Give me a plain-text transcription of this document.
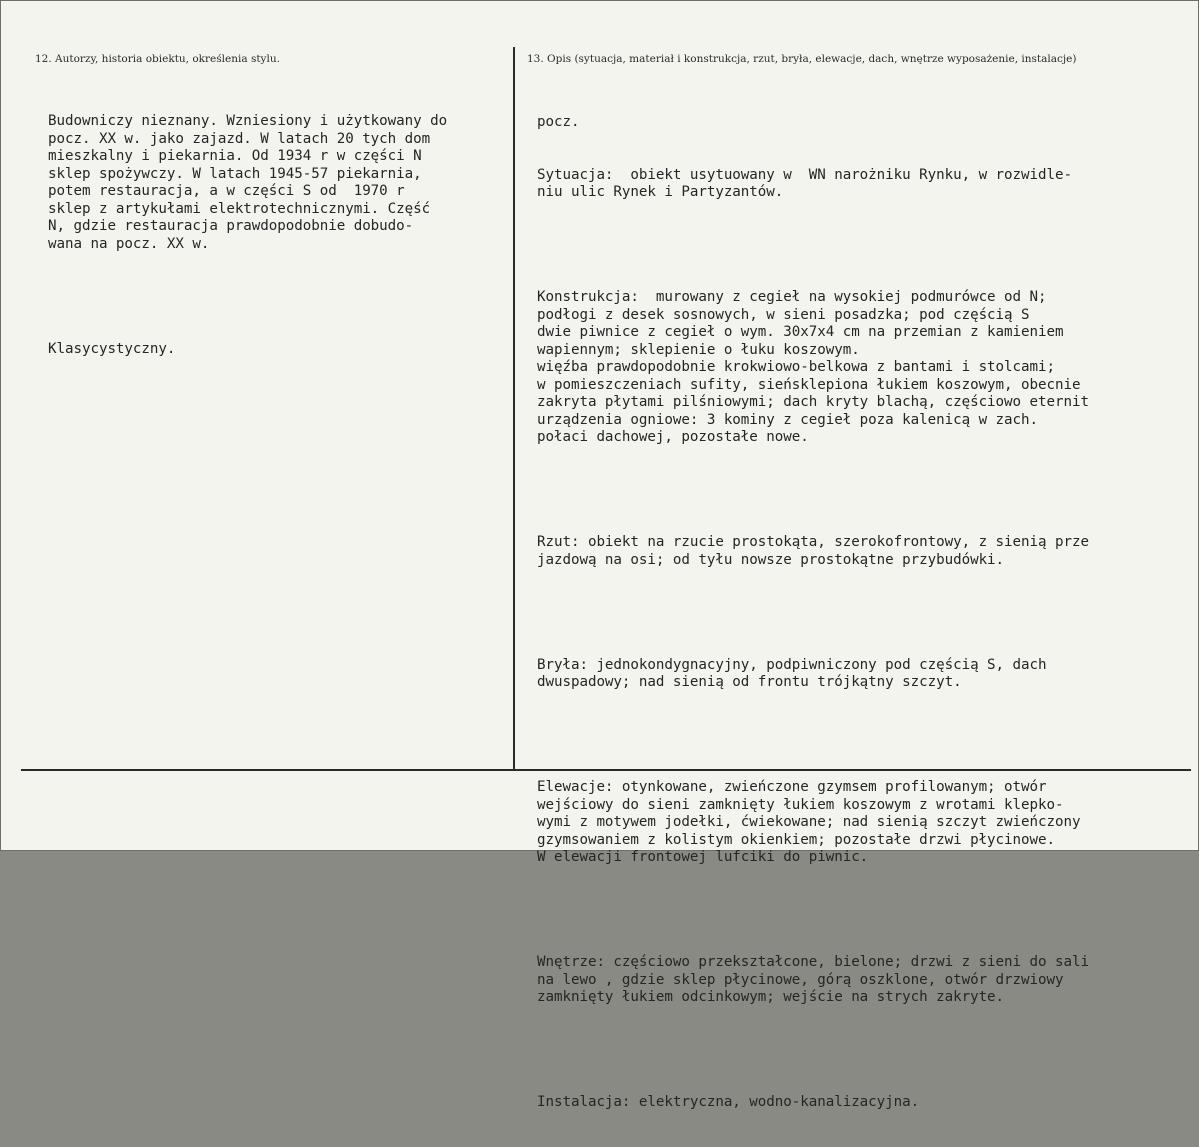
12. Autorzy, historia obiektu, określenia stylu.	13. Opis (sytuacja, materiał i konstrukcja, rzut, bryła, elewacje, dach, wnętrze wyposażenie, instalacje)

Budowniczy nieznany. Wzniesiony i użytkowany do
pocz. XX w. jako zajazd. W latach 20 tych dom
mieszkalny i piekarnia. Od 1934 r w części N
sklep spożywczy. W latach 1945-57 piekarnia,
potem restauracja, a w części S od  1970 r
sklep z artykułami elektrotechnicznymi. Część
N, gdzie restauracja prawdopodobnie dobudo-
wana na pocz. XX w.

Klasycystyczny.

pocz.

Sytuacja:  obiekt usytuowany w  WN narożniku Rynku, w rozwidle-
niu ulic Rynek i Partyzantów.

Konstrukcja:  murowany z cegieł na wysokiej podmurówce od N;
podłogi z desek sosnowych, w sieni posadzka; pod częścią S
dwie piwnice z cegieł o wym. 30x7x4 cm na przemian z kamieniem
wapiennym; sklepienie o łuku koszowym.
więźba prawdopodobnie krokwiowo-belkowa z bantami i stolcami;
w pomieszczeniach sufity, sieńsklepiona łukiem koszowym, obecnie
zakryta płytami pilśniowymi; dach kryty blachą, częściowo eternit
urządzenia ogniowe: 3 kominy z cegieł poza kalenicą w zach.
połaci dachowej, pozostałe nowe.

Rzut: obiekt na rzucie prostokąta, szerokofrontowy, z sienią prze
jazdową na osi; od tyłu nowsze prostokątne przybudówki.

Bryła: jednokondygnacyjny, podpiwniczony pod częścią S, dach
dwuspadowy; nad sienią od frontu trójkątny szczyt.

Elewacje: otynkowane, zwieńczone gzymsem profilowanym; otwór
wejściowy do sieni zamknięty łukiem koszowym z wrotami klepko-
wymi z motywem jodełki, ćwiekowane; nad sienią szczyt zwieńczony
gzymsowaniem z kolistym okienkiem; pozostałe drzwi płycinowe.
W elewacji frontowej lufciki do piwnic.

Wnętrze: częściowo przekształcone, bielone; drzwi z sieni do sali
na lewo , gdzie sklep płycinowe, górą oszklone, otwór drzwiowy
zamknięty łukiem odcinkowym; wejście na strych zakryte.

Instalacja: elektryczna, wodno-kanalizacyjna.
